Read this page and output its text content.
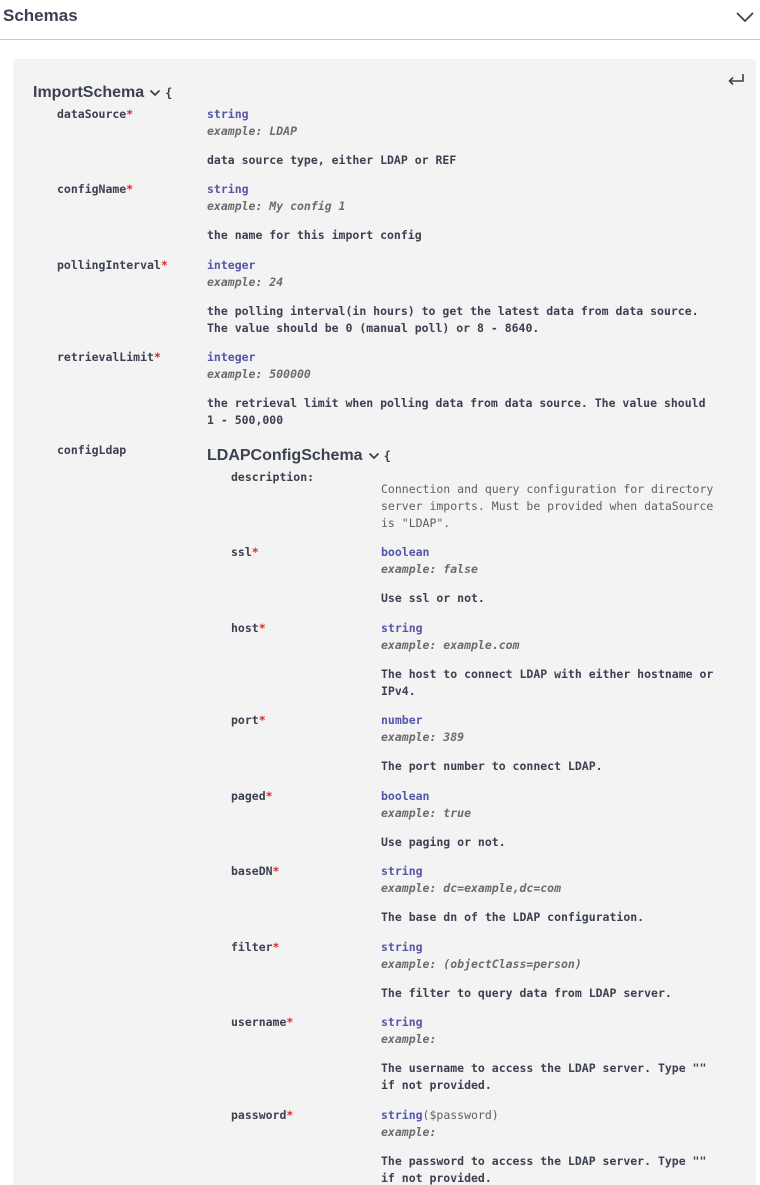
Schemas
ImportSchema {
dataSource*	string
example: LDAP
data source type, either LDAP or REF
configName*	string
example: My config 1
the name for this import config
pollingInterval*	integer
example: 24
the polling interval(in hours) to get the latest data from data source.
The value should be 0 (manual poll) or 8 - 8640.
retrievalLimit*	integer
example: 500000
the retrieval limit when polling data from data source. The value should
1 - 500,000
configLdap	LDAPConfigSchema {
description:
Connection and query configuration for directory
server imports. Must be provided when dataSource
is "LDAP".
ssl*	boolean
example: false
Use ssl or not.
host*	string
example: example.com
The host to connect LDAP with either hostname or
IPv4.
port*	number
example: 389
The port number to connect LDAP.
paged*	boolean
example: true
Use paging or not.
baseDN*	string
example: dc=example,dc=com
The base dn of the LDAP configuration.
filter*	string
example: (objectClass=person)
The filter to query data from LDAP server.
username*	string
example:
The username to access the LDAP server. Type ""
if not provided.
password*	string($password)
example:
The password to access the LDAP server. Type ""
if not provided.
